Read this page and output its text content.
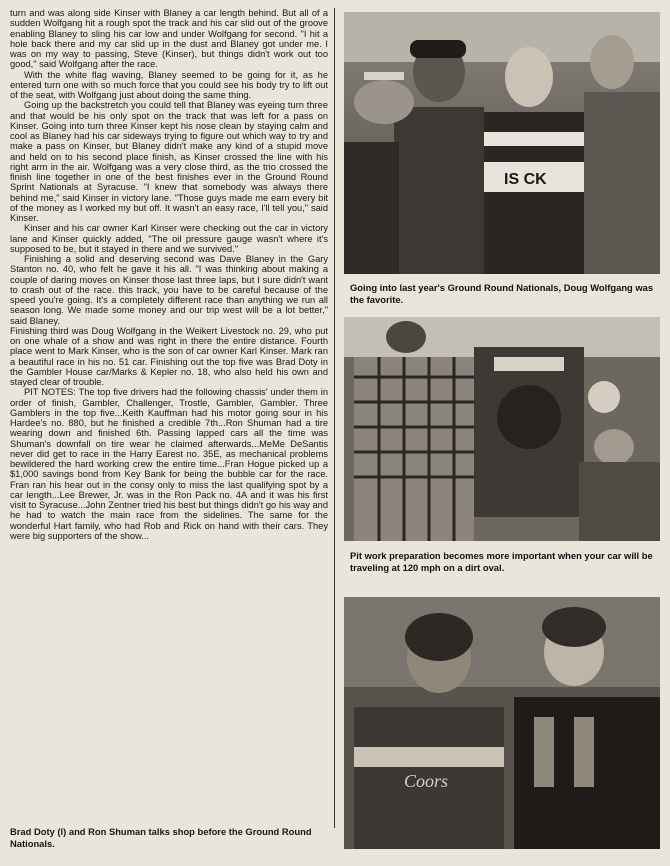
turn and was along side Kinser with Blaney a car length behind. But all of a sudden Wolfgang hit a rough spot the track and his car slid out of the groove enabling Blaney to sling his car low and under Wolfgang for second. "I hit a hole back there and my car slid up in the dust and Blaney got under me. I was on my way to passing, Steve (Kinser), but things didn't work out too good," said Wolfgang after the race.

With the white flag waving, Blaney seemed to be going for it, as he entered turn one with so much force that you could see his body try to lift out of the seat, with Wolfgang just about doing the same thing.

Going up the backstretch you could tell that Blaney was eyeing turn three and that would be his only spot on the track that was left for a pass on Kinser. Going into turn three Kinser kept his nose clean by staying calm and cool as Blaney had his car sideways trying to figure out which way to try and make a pass on Kinser, but Blaney didn't make any kind of a stupid move and held on to his second place finish, as Kinser crossed the line with his right arm in the air. Wolfgang was a very close third, as the trio crossed the finish line together in one of the best finishes ever in the Ground Round Sprint Nationals at Syracuse. "I knew that somebody was always there behind me," said Kinser in victory lane. "Those guys made me earn every bit of the money as I worked my but off. It wasn't an easy race, I'll tell you," said Kinser.

Kinser and his car owner Karl Kinser were checking out the car in victory lane and Kinser quickly added, "The oil pressure gauge wasn't where it's supposed to be, but it stayed in there and we survived."

Finishing a solid and deserving second was Dave Blaney in the Gary Stanton no. 40, who felt he gave it his all. "I was thinking about making a couple of daring moves on Kinser those last three laps, but I sure didn't want to crash out of the race. this track, you have to be careful because of the speed you're going. It's a completely different race than anything we run all season long. We made some money and our trip west will be a lot better," said Blaney.

Finishing third was Doug Wolfgang in the Weikert Livestock no. 29, who put on one whale of a show and was right in there the entire distance. Fourth place went to Mark Kinser, who is the son of car owner Karl Kinser. Mark ran a beautiful race in his no. 51 car. Finishing out the top five was Brad Doty in the Gambler House car/Marks & Kepler no. 18, who also held his own and stayed clear of trouble.

PIT NOTES: The top five drivers had the following chassis' under them in order of finish, Gambler, Challenger, Trostle, Gambler, Gambler. Three Gamblers in the top five...Keith Kauffman had his motor going sour in his Hardee's no. 880, but he finished a credible 7th...Ron Shuman had a tire wearing down and finished 6th. Passing lapped cars all the time was Shuman's downfall on tire wear he claimed afterwards...MeMe DeSantis never did get to race in the Harry Earest no. 35E, as mechanical problems bewildered the hard working crew the entire time...Fran Hogue picked up a $1,000 savings bond from Key Bank for being the bubble car for the race. Fran ran his hear out in the consy only to miss the last qualifying spot by a car length...Lee Brewer, Jr. was in the Ron Pack no. 4A and it was his first visit to Syracuse...John Zentner tried his best but things didn't go his way and he had to watch the main race from the sidelines. The same for the wonderful Hart family, who had Rob and Rick on hand with their cars. They were big supporters of the show...

IS CK
Going into last year's Ground Round Nationals, Doug Wolfgang was the favorite.
Pit work preparation becomes more important when your car will be traveling at 120 mph on a dirt oval.
Coors
Brad Doty (l) and Ron Shuman talks shop before the Ground Round Nationals.
